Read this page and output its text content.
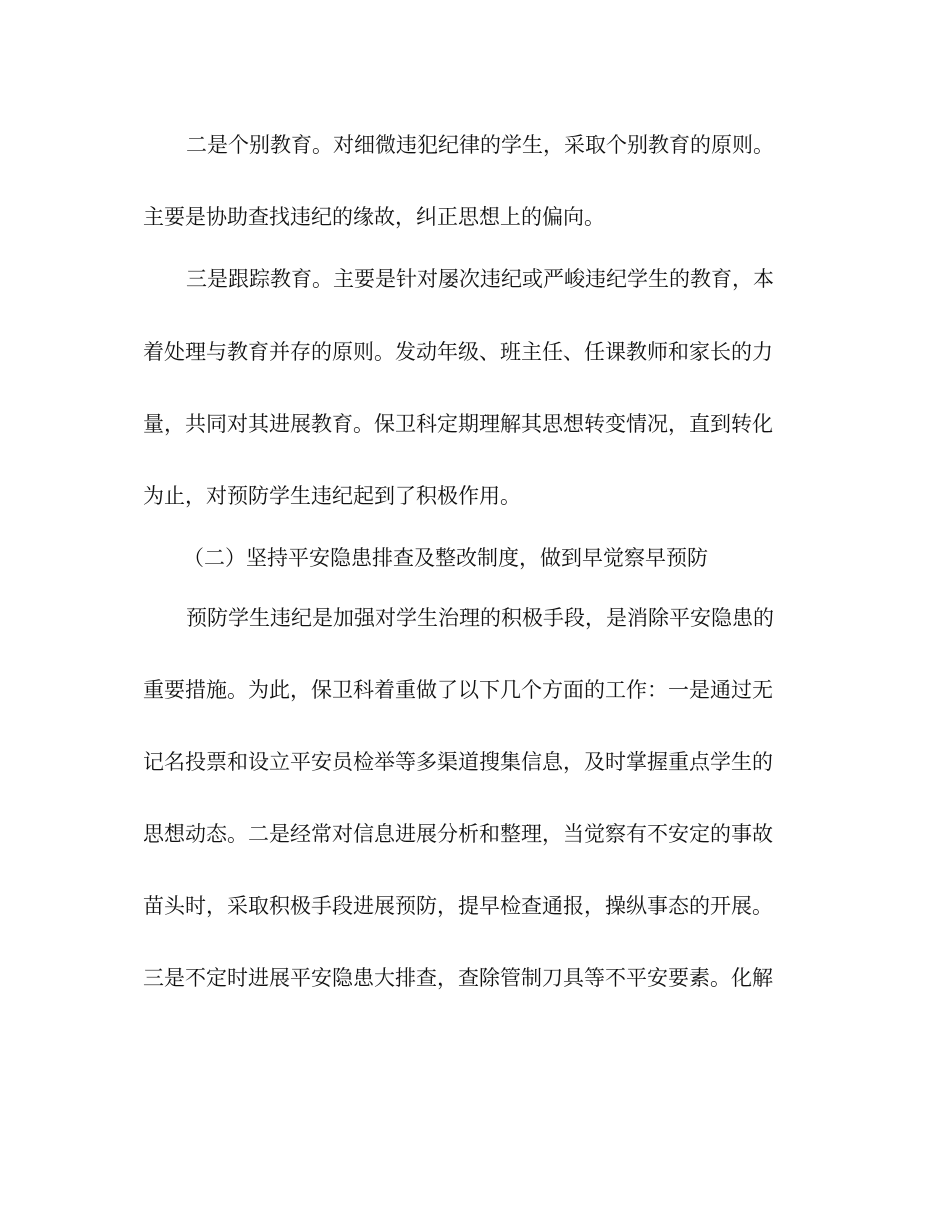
二是个别教育。对细微违犯纪律的学生，采取个别教育的原则。
主要是协助查找违纪的缘故，纠正思想上的偏向。
三是跟踪教育。主要是针对屡次违纪或严峻违纪学生的教育，本
着处理与教育并存的原则。发动年级、班主任、任课教师和家长的力
量，共同对其进展教育。保卫科定期理解其思想转变情况，直到转化
为止，对预防学生违纪起到了积极作用。
（二）坚持平安隐患排查及整改制度，做到早觉察早预防
预防学生违纪是加强对学生治理的积极手段，是消除平安隐患的
重要措施。为此，保卫科着重做了以下几个方面的工作：一是通过无
记名投票和设立平安员检举等多渠道搜集信息，及时掌握重点学生的
思想动态。二是经常对信息进展分析和整理，当觉察有不安定的事故
苗头时，采取积极手段进展预防，提早检查通报，操纵事态的开展。
三是不定时进展平安隐患大排查，查除管制刀具等不平安要素。化解
